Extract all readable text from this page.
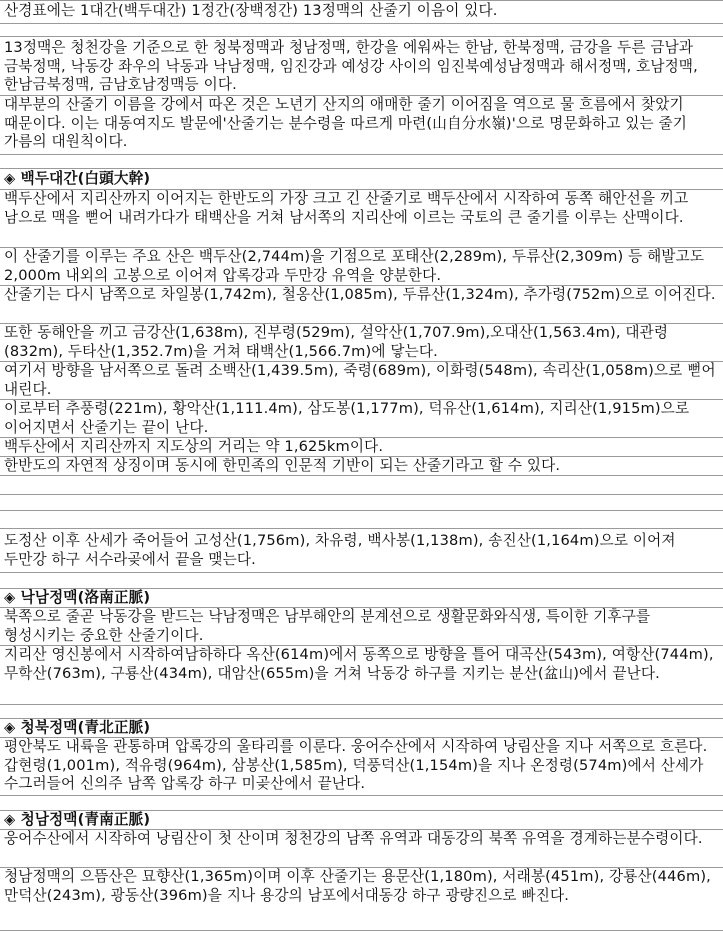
산경표에는 1대간(백두대간) 1정간(장백정간) 13정맥의 산줄기 이음이 있다.
13정맥은 청천강을 기준으로 한 청북정맥과 청남정맥, 한강을 에워싸는 한남, 한북정맥, 금강을 두른 금남과 금북정맥, 낙동강 좌우의 낙동과 낙남정맥, 임진강과 예성강 사이의 임진북예성남정맥과 해서정맥, 호남정맥, 한남금북정맥, 금남호남정맥등 이다.
대부분의 산줄기 이름을 강에서 따온 것은 노년기 산지의 애매한 줄기 이어짐을 역으로 물 흐름에서 찾았기 때문이다. 이는 대동여지도 발문에'산줄기는 분수령을 따르게 마련(山自分水嶺)'으로 명문화하고 있는 줄기 가름의 대원칙이다.
◈ 백두대간(白頭大幹)
백두산에서 지리산까지 이어지는 한반도의 가장 크고 긴 산줄기로 백두산에서 시작하여 동쪽 해안선을 끼고 남으로 맥을 뻗어 내려가다가 태백산을 거쳐 남서쪽의 지리산에 이르는 국토의 큰 줄기를 이루는 산맥이다.
이 산줄기를 이루는 주요 산은 백두산(2,744m)을 기점으로 포태산(2,289m), 두류산(2,309m) 등 해발고도 2,000m 내외의 고봉으로 이어져 압록강과 두만강 유역을 양분한다.
산줄기는 다시 남쪽으로 차일봉(1,742m), 철옹산(1,085m), 두류산(1,324m), 추가령(752m)으로 이어진다.
또한 동해안을 끼고 금강산(1,638m), 진부령(529m), 설악산(1,707.9m),오대산(1,563.4m), 대관령(832m), 두타산(1,352.7m)을 거쳐 태백산(1,566.7m)에 닿는다.
여기서 방향을 남서쪽으로 돌려 소백산(1,439.5m), 죽령(689m), 이화령(548m), 속리산(1,058m)으로 뻗어 내린다.
이로부터 추풍령(221m), 황악산(1,111.4m), 삼도봉(1,177m), 덕유산(1,614m), 지리산(1,915m)으로 이어지면서 산줄기는 끝이 난다.
백두산에서 지리산까지 지도상의 거리는 약 1,625km이다.
한반도의 자연적 상징이며 동시에 한민족의 인문적 기반이 되는 산줄기라고 할 수 있다.
도정산 이후 산세가 죽어들어 고성산(1,756m), 차유령, 백사봉(1,138m), 송진산(1,164m)으로 이어져 두만강 하구 서수라곶에서 끝을 맺는다.
◈ 낙남정맥(洛南正脈)
북쪽으로 줄곧 낙동강을 받드는 낙남정맥은 남부해안의 분계선으로 생활문화와식생, 특이한 기후구를 형성시키는 중요한 산줄기이다.
지리산 영신봉에서 시작하여남하하다 옥산(614m)에서 동쪽으로 방향을 틀어 대곡산(543m), 여항산(744m), 무학산(763m), 구룡산(434m), 대암산(655m)을 거쳐 낙동강 하구를 지키는 분산(盆山)에서 끝난다.
◈ 청북정맥(青北正脈)
평안북도 내륙을 관통하며 압록강의 울타리를 이룬다. 웅어수산에서 시작하여 낭림산을 지나 서쪽으로 흐른다. 갑현령(1,001m), 적유령(964m), 삼봉산(1,585m), 덕풍덕산(1,154m)을 지나 온정령(574m)에서 산세가 수그러들어 신의주 남쪽 압록강 하구 미곶산에서 끝난다.
◈ 청남정맥(青南正脈)
웅어수산에서 시작하여 낭림산이 첫 산이며 청천강의 남쪽 유역과 대동강의 북쪽 유역을 경계하는분수령이다.
청남정맥의 으뜸산은 묘향산(1,365m)이며 이후 산줄기는 용문산(1,180m), 서래봉(451m), 강룡산(446m), 만덕산(243m), 광동산(396m)을 지나 용강의 남포에서대동강 하구 광량진으로 빠진다.
